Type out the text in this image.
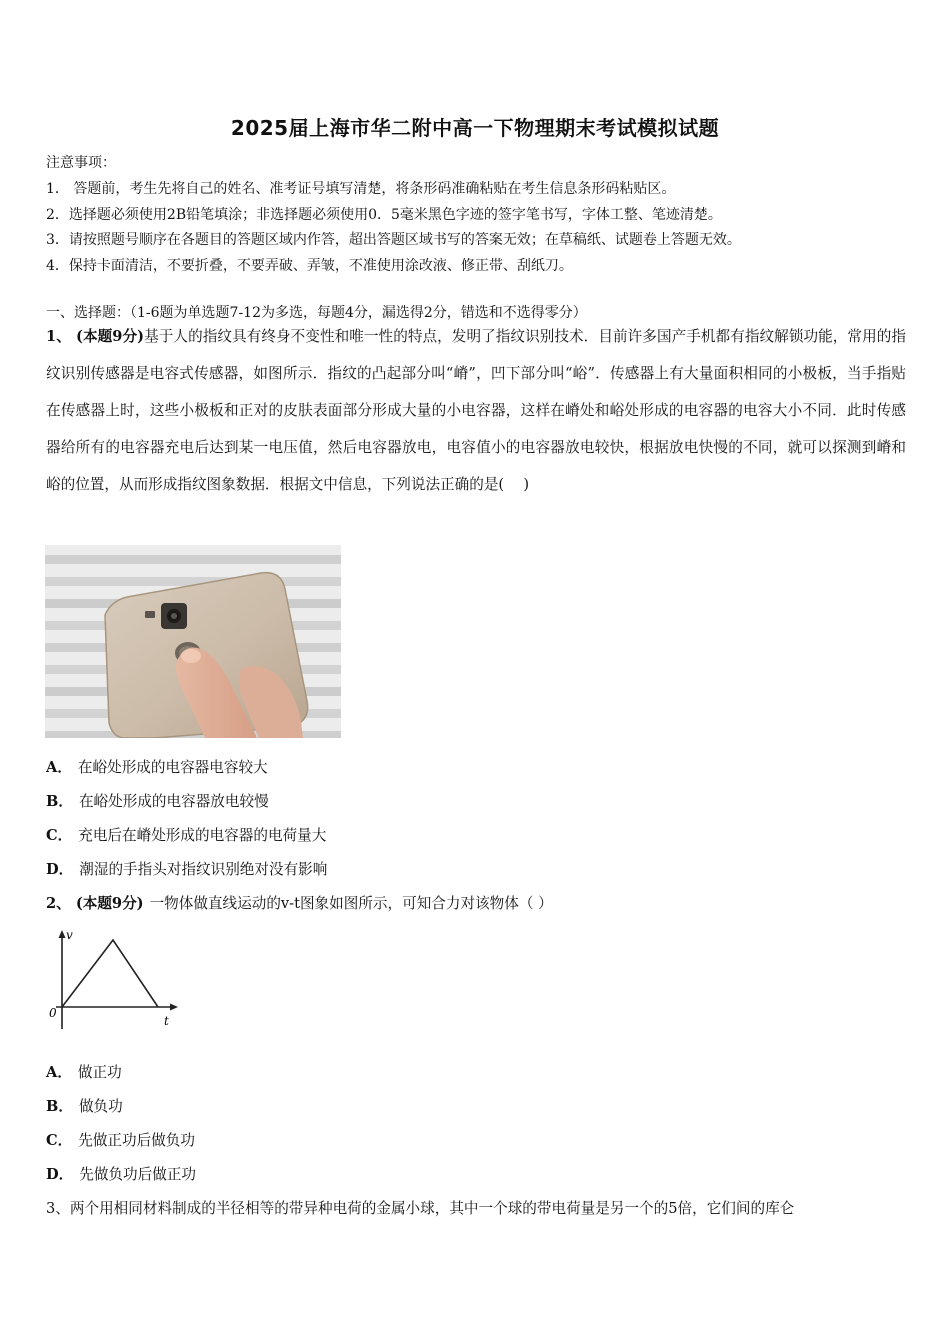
2025届上海市华二附中高一下物理期末考试模拟试题
注意事项：
1． 答题前，考生先将自己的姓名、准考证号填写清楚，将条形码准确粘贴在考生信息条形码粘贴区。
2．选择题必须使用2B铅笔填涂；非选择题必须使用0．5毫米黑色字迹的签字笔书写，字体工整、笔迹清楚。
3．请按照题号顺序在各题目的答题区域内作答，超出答题区域书写的答案无效；在草稿纸、试题卷上答题无效。
4．保持卡面清洁，不要折叠，不要弄破、弄皱，不准使用涂改液、修正带、刮纸刀。
一、选择题：（1-6题为单选题7-12为多选，每题4分，漏选得2分，错选和不选得零分）
1、 (本题9分)基于人的指纹具有终身不变性和唯一性的特点，发明了指纹识别技术．目前许多国产手机都有指纹解锁功能，常用的指纹识别传感器是电容式传感器，如图所示．指纹的凸起部分叫“嵴”，凹下部分叫“峪”．传感器上有大量面积相同的小极板，当手指贴在传感器上时，这些小极板和正对的皮肤表面部分形成大量的小电容器，这样在嵴处和峪处形成的电容器的电容大小不同．此时传感器给所有的电容器充电后达到某一电压值，然后电容器放电，电容值小的电容器放电较快，根据放电快慢的不同，就可以探测到嵴和峪的位置，从而形成指纹图象数据．根据文中信息，下列说法正确的是(　 )
A． 在峪处形成的电容器电容较大
B． 在峪处形成的电容器放电较慢
C． 充电后在嵴处形成的电容器的电荷量大
D． 潮湿的手指头对指纹识别绝对没有影响
2、 (本题9分) 一物体做直线运动的v-t图象如图所示，可知合力对该物体（ ）
v
0
t
A． 做正功
B． 做负功
C． 先做正功后做负功
D． 先做负功后做正功
3、两个用相同材料制成的半径相等的带异种电荷的金属小球，其中一个球的带电荷量是另一个的5倍，它们间的库仑
